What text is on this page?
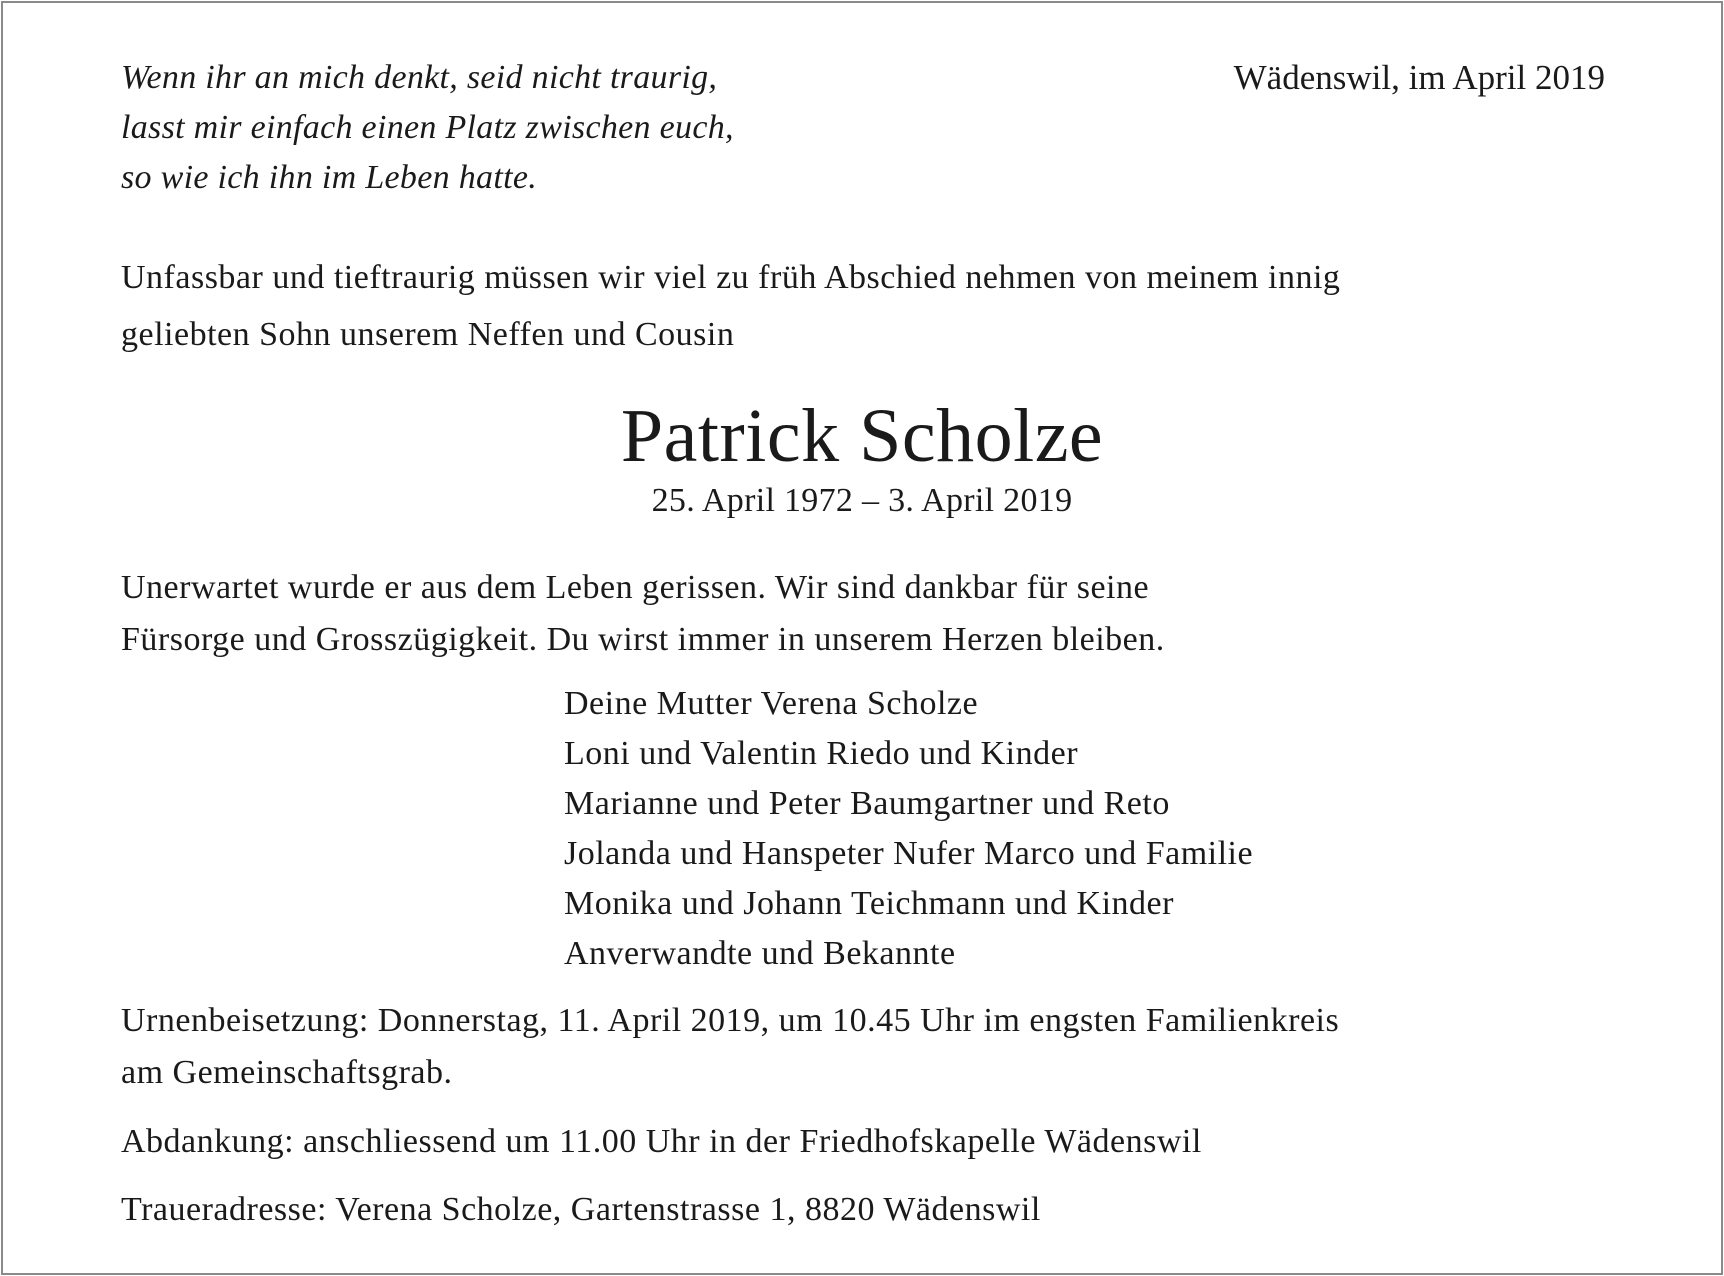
Wenn ihr an mich denkt, seid nicht traurig,
lasst mir einfach einen Platz zwischen euch,
so wie ich ihn im Leben hatte.
Wädenswil, im April 2019
Unfassbar und tieftraurig müssen wir viel zu früh Abschied nehmen von meinem innig
geliebten Sohn unserem Neffen und Cousin
Patrick Scholze
25. April 1972 – 3. April 2019
Unerwartet wurde er aus dem Leben gerissen. Wir sind dankbar für seine
Fürsorge und Grosszügigkeit. Du wirst immer in unserem Herzen bleiben.
Deine Mutter Verena Scholze
Loni und Valentin Riedo und Kinder
Marianne und Peter Baumgartner und Reto
Jolanda und Hanspeter Nufer Marco und Familie
Monika und Johann Teichmann und Kinder
Anverwandte und Bekannte
Urnenbeisetzung: Donnerstag, 11. April 2019, um 10.45 Uhr im engsten Familienkreis
am Gemeinschaftsgrab.
Abdankung: anschliessend um 11.00 Uhr in der Friedhofskapelle Wädenswil
Traueradresse: Verena Scholze, Gartenstrasse 1, 8820 Wädenswil
